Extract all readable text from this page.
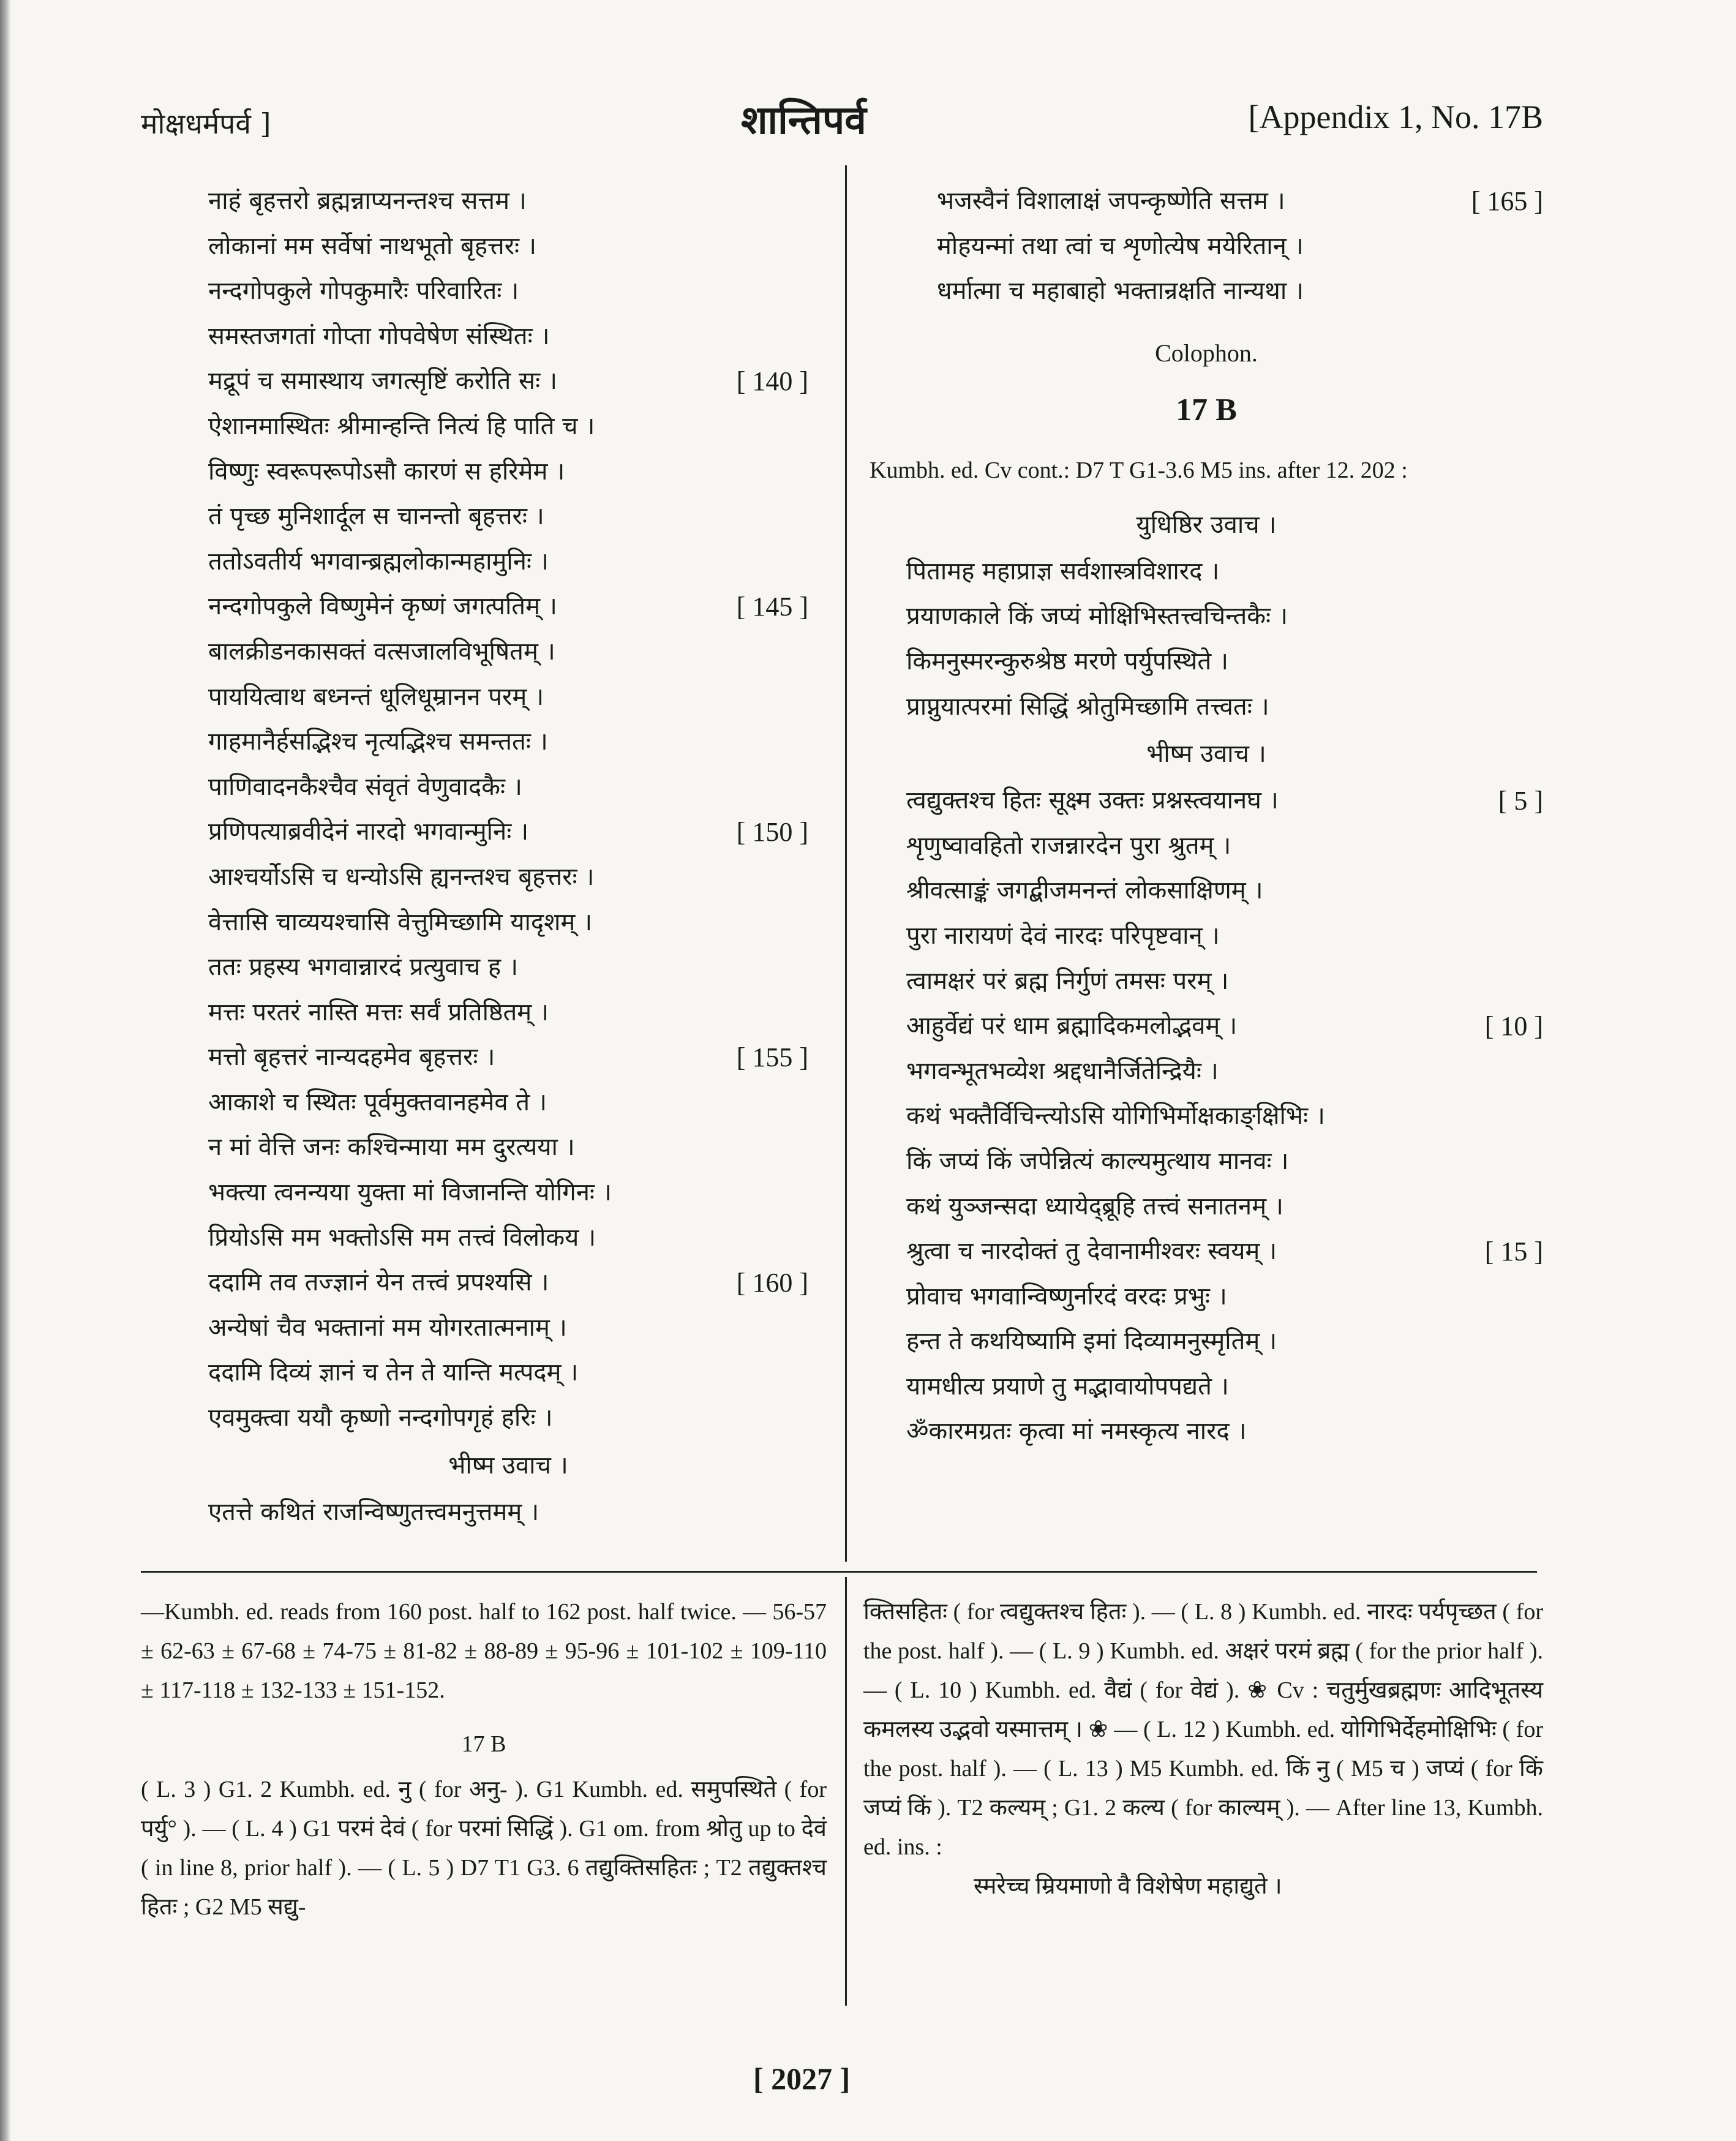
मोक्षधर्मपर्व ]	शान्तिपर्व	[Appendix 1, No. 17B
नाहं बृहत्तरो ब्रह्मन्नाप्यनन्तश्च सत्तम ।
लोकानां मम सर्वेषां नाथभूतो बृहत्तरः ।
नन्दगोपकुले गोपकुमारैः परिवारितः ।
समस्तजगतां गोप्ता गोपवेषेण संस्थितः ।
मद्रूपं च समास्थाय जगत्सृष्टिं करोति सः ।	[ 140 ]
ऐशानमास्थितः श्रीमान्हन्ति नित्यं हि पाति च ।
विष्णुः स्वरूपरूपोऽसौ कारणं स हरिमेम ।
तं पृच्छ मुनिशार्दूल स चानन्तो बृहत्तरः ।
ततोऽवतीर्य भगवान्ब्रह्मलोकान्महामुनिः ।
नन्दगोपकुले विष्णुमेनं कृष्णं जगत्पतिम् ।	[ 145 ]
बालक्रीडनकासक्तं वत्सजालविभूषितम् ।
पाययित्वाथ बध्नन्तं धूलिधूम्रानन परम् ।
गाहमानैर्हसद्भिश्च नृत्यद्भिश्च समन्ततः ।
पाणिवादनकैश्चैव संवृतं वेणुवादकैः ।
प्रणिपत्याब्रवीदेनं नारदो भगवान्मुनिः ।	[ 150 ]
आश्चर्योऽसि च धन्योऽसि ह्यनन्तश्च बृहत्तरः ।
वेत्तासि चाव्ययश्चासि वेत्तुमिच्छामि यादृशम् ।
ततः प्रहस्य भगवान्नारदं प्रत्युवाच ह ।
मत्तः परतरं नास्ति मत्तः सर्वं प्रतिष्ठितम् ।
मत्तो बृहत्तरं नान्यदहमेव बृहत्तरः ।	[ 155 ]
आकाशे च स्थितः पूर्वमुक्तवानहमेव ते ।
न मां वेत्ति जनः कश्चिन्माया मम दुरत्यया ।
भक्त्या त्वनन्यया युक्ता मां विजानन्ति योगिनः ।
प्रियोऽसि मम भक्तोऽसि मम तत्त्वं विलोकय ।
ददामि तव तज्ज्ञानं येन तत्त्वं प्रपश्यसि ।	[ 160 ]
अन्येषां चैव भक्तानां मम योगरतात्मनाम् ।
ददामि दिव्यं ज्ञानं च तेन ते यान्ति मत्पदम् ।
एवमुक्त्वा ययौ कृष्णो नन्दगोपगृहं हरिः ।
भीष्म उवाच ।
एतत्ते कथितं राजन्विष्णुतत्त्वमनुत्तमम् ।
भजस्वैनं विशालाक्षं जपन्कृष्णेति सत्तम ।	[ 165 ]
मोहयन्मां तथा त्वां च शृणोत्येष मयेरितान् ।
धर्मात्मा च महाबाहो भक्तान्रक्षति नान्यथा ।
Colophon.
17 B
Kumbh. ed. Cv cont.: D7 T G1-3.6 M5 ins. after 12. 202 :
युधिष्ठिर उवाच ।
पितामह महाप्राज्ञ सर्वशास्त्रविशारद ।
प्रयाणकाले किं जप्यं मोक्षिभिस्तत्त्वचिन्तकैः ।
किमनुस्मरन्कुरुश्रेष्ठ मरणे पर्युपस्थिते ।
प्राप्नुयात्परमां सिद्धिं श्रोतुमिच्छामि तत्त्वतः ।
भीष्म उवाच ।
त्वद्युक्तश्च हितः सूक्ष्म उक्तः प्रश्नस्त्वयानघ ।	[ 5 ]
शृणुष्वावहितो राजन्नारदेन पुरा श्रुतम् ।
श्रीवत्साङ्कं जगद्बीजमनन्तं लोकसाक्षिणम् ।
पुरा नारायणं देवं नारदः परिपृष्टवान् ।
त्वामक्षरं परं ब्रह्म निर्गुणं तमसः परम् ।
आहुर्वेद्यं परं धाम ब्रह्मादिकमलोद्भवम् ।	[ 10 ]
भगवन्भूतभव्येश श्रद्दधानैर्जितेन्द्रियैः ।
कथं भक्तैर्विचिन्त्योऽसि योगिभिर्मोक्षकाङ्क्षिभिः ।
किं जप्यं किं जपेन्नित्यं काल्यमुत्थाय मानवः ।
कथं युञ्जन्सदा ध्यायेद्ब्रूहि तत्त्वं सनातनम् ।
श्रुत्वा च नारदोक्तं तु देवानामीश्वरः स्वयम् ।	[ 15 ]
प्रोवाच भगवान्विष्णुर्नारदं वरदः प्रभुः ।
हन्त ते कथयिष्यामि इमां दिव्यामनुस्मृतिम् ।
यामधीत्य प्रयाणे तु मद्भावायोपपद्यते ।
ॐकारमग्रतः कृत्वा मां नमस्कृत्य नारद ।
—Kumbh. ed. reads from 160 post. half to 162 post. half twice. — 56-57 ± 62-63 ± 67-68 ± 74-75 ± 81-82 ± 88-89 ± 95-96 ± 101-102 ± 109-110 ± 117-118 ± 132-133 ± 151-152.
17 B
( L. 3 ) G1. 2 Kumbh. ed. नु ( for अनु- ). G1 Kumbh. ed. समुपस्थिते ( for पर्यु° ). — ( L. 4 ) G1 परमं देवं ( for परमां सिद्धिं ). G1 om. from श्रोतु up to देवं ( in line 8, prior half ). — ( L. 5 ) D7 T1 G3. 6 तद्युक्तिसहितः ; T2 तद्युक्तश्च हितः ; G2 M5 सद्यु-
क्तिसहितः ( for त्वद्युक्तश्च हितः ). — ( L. 8 ) Kumbh. ed. नारदः पर्यपृच्छत ( for the post. half ). — ( L. 9 ) Kumbh. ed. अक्षरं परमं ब्रह्म ( for the prior half ). — ( L. 10 ) Kumbh. ed. वैद्यं ( for वेद्यं ). ❀ Cv : चतुर्मुखब्रह्मणः आदिभूतस्य कमलस्य उद्भवो यस्मात्तम् । ❀ — ( L. 12 ) Kumbh. ed. योगिभिर्देहमोक्षिभिः ( for the post. half ). — ( L. 13 ) M5 Kumbh. ed. किं नु ( M5 च ) जप्यं ( for किं जप्यं किं ). T2 कल्यम् ; G1. 2 कल्य ( for काल्यम् ). — After line 13, Kumbh. ed. ins. :
स्मरेच्च म्रियमाणो वै विशेषेण महाद्युते ।
[ 2027 ]
